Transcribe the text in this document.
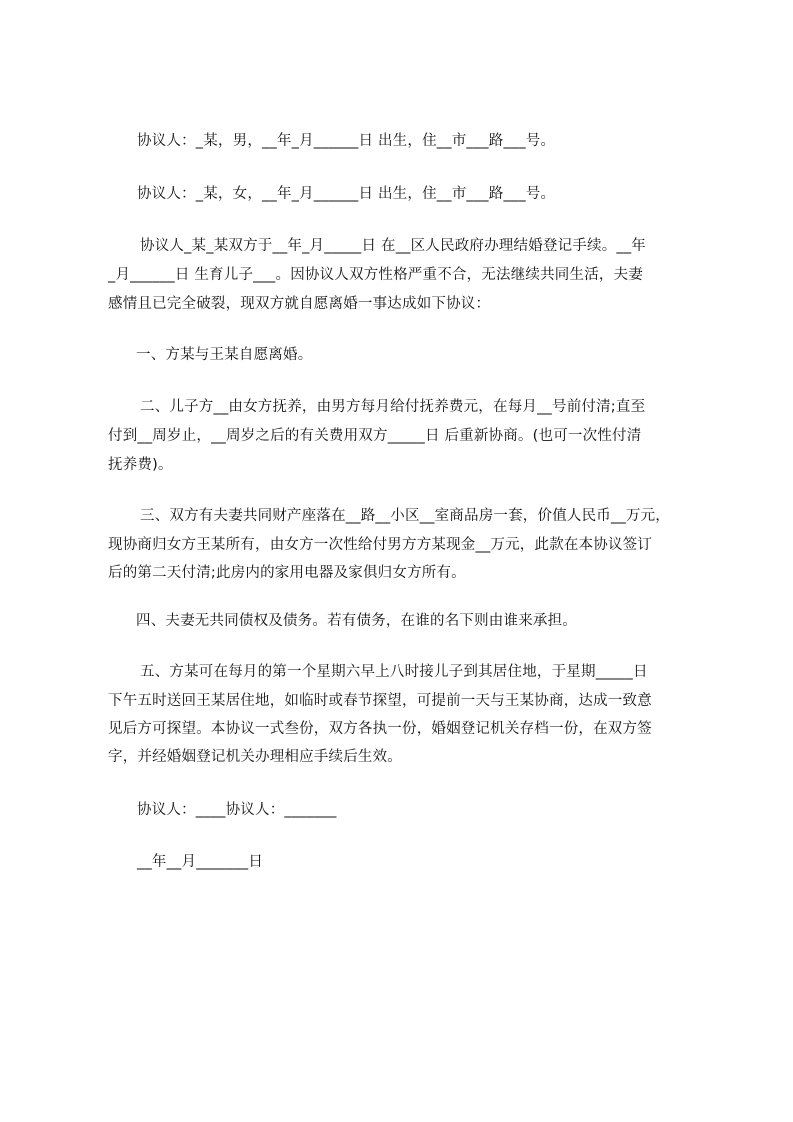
协议人：_某，男，__年_月______日 出生，住__市___路___号。
协议人：_某，女，__年_月______日 出生，住__市___路___号。
协议人_某_某双方于__年_月_____日 在__区人民政府办理结婚登记手续。__年
_月______日 生育儿子___。因协议人双方性格严重不合，无法继续共同生活，夫妻
感情且已完全破裂，现双方就自愿离婚一事达成如下协议：
一、方某与王某自愿离婚。
二、儿子方__由女方抚养，由男方每月给付抚养费元，在每月__号前付清;直至
付到__周岁止，__周岁之后的有关费用双方_____日 后重新协商。(也可一次性付清
抚养费)。
三、双方有夫妻共同财产座落在__路__小区__室商品房一套，价值人民币__万元，
现协商归女方王某所有，由女方一次性给付男方方某现金__万元，此款在本协议签订
后的第二天付清;此房内的家用电器及家俱归女方所有。
四、夫妻无共同债权及债务。若有债务，在谁的名下则由谁来承担。
五、方某可在每月的第一个星期六早上八时接儿子到其居住地，于星期_____日
下午五时送回王某居住地，如临时或春节探望，可提前一天与王某协商，达成一致意
见后方可探望。本协议一式叁份，双方各执一份，婚姻登记机关存档一份，在双方签
字，并经婚姻登记机关办理相应手续后生效。
协议人：____协议人：_______
__年__月_______日
